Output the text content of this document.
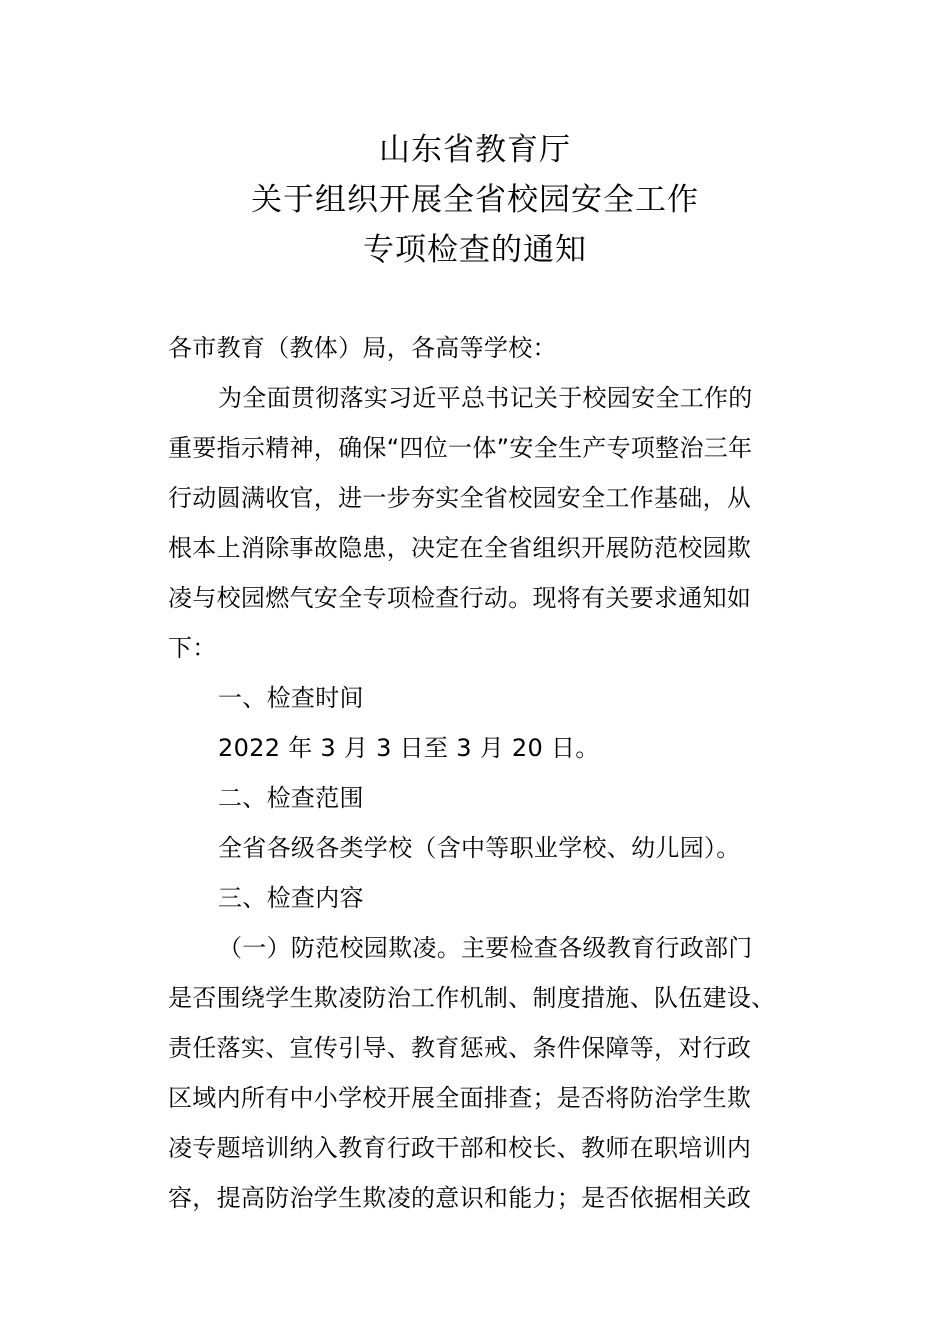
山东省教育厅
关于组织开展全省校园安全工作
专项检查的通知
各市教育（教体）局，各高等学校：
为全面贯彻落实习近平总书记关于校园安全工作的
重要指示精神，确保“四位一体”安全生产专项整治三年
行动圆满收官，进一步夯实全省校园安全工作基础，从
根本上消除事故隐患，决定在全省组织开展防范校园欺
凌与校园燃气安全专项检查行动。现将有关要求通知如
下：
一、检查时间
2022 年 3 月 3 日至 3 月 20 日。
二、检查范围
全省各级各类学校（含中等职业学校、幼儿园）。
三、检查内容
（一）防范校园欺凌。主要检查各级教育行政部门
是否围绕学生欺凌防治工作机制、制度措施、队伍建设、
责任落实、宣传引导、教育惩戒、条件保障等，对行政
区域内所有中小学校开展全面排查；是否将防治学生欺
凌专题培训纳入教育行政干部和校长、教师在职培训内
容，提高防治学生欺凌的意识和能力；是否依据相关政
